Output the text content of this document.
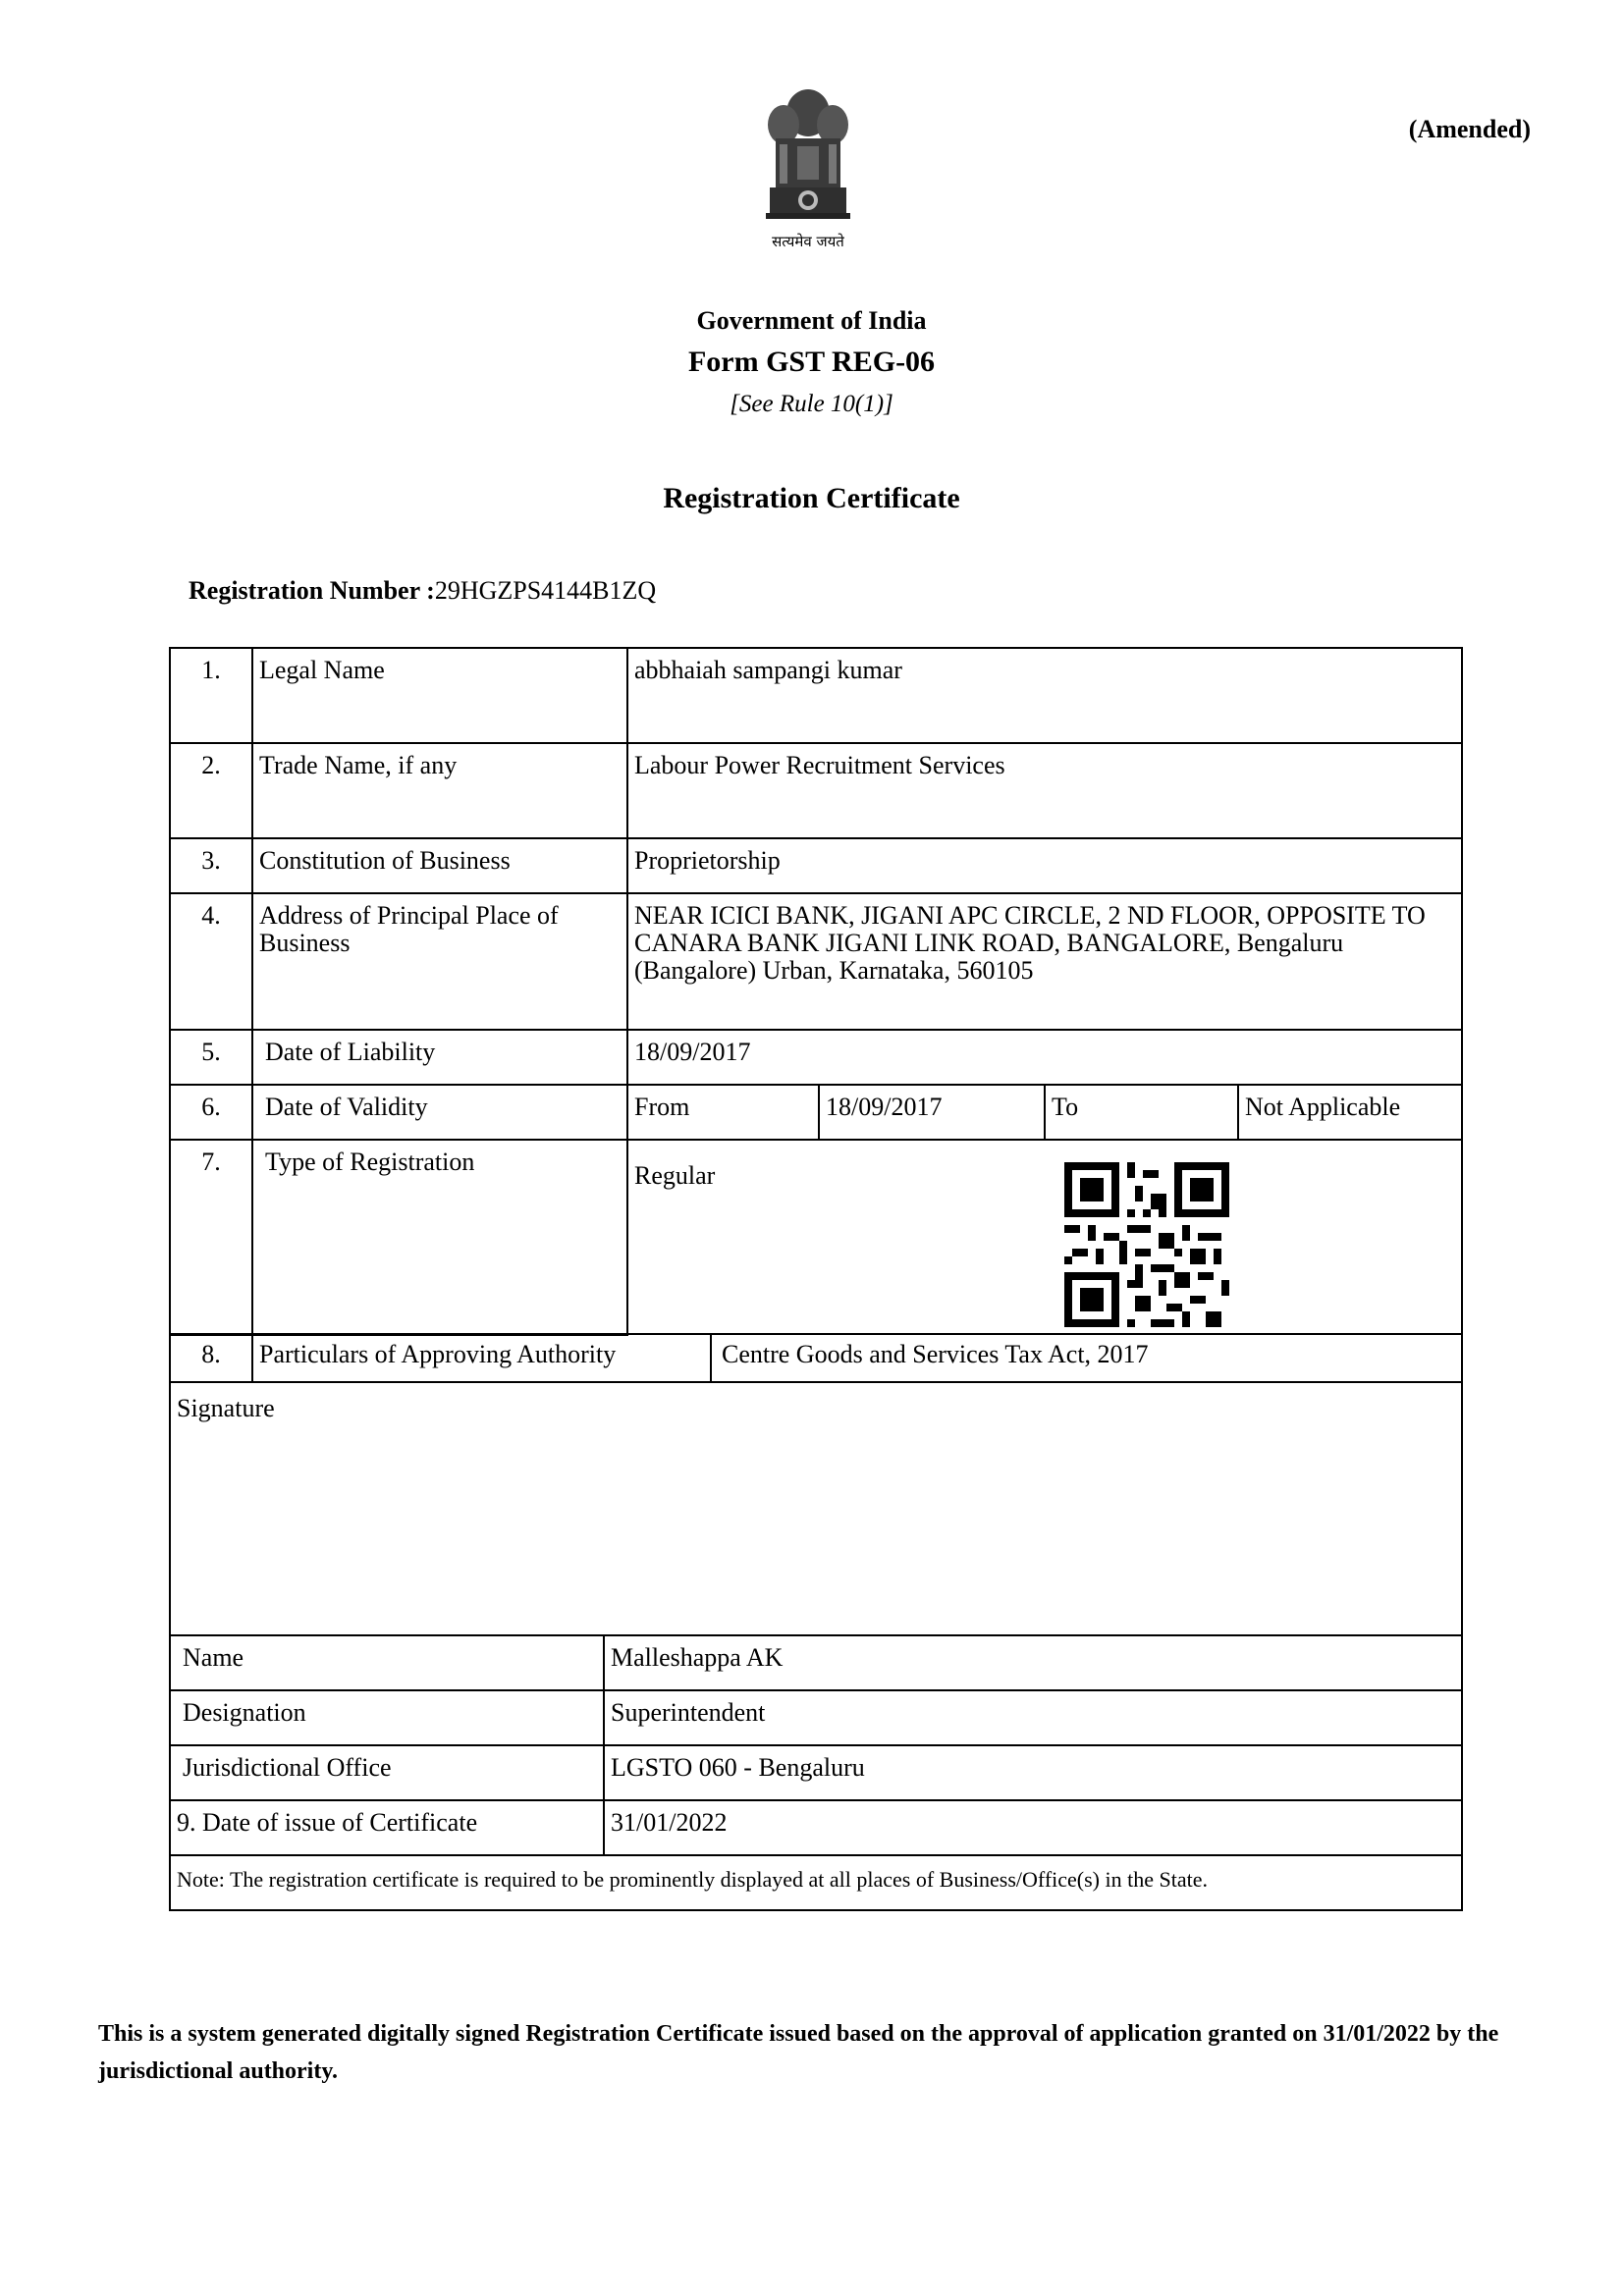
(Amended)
सत्यमेव जयते
Government of India
Form GST REG-06
[See Rule 10(1)]
Registration Certificate
Registration Number :29HGZPS4144B1ZQ
1.	Legal Name	abbhaiah sampangi kumar			
2.	Trade Name, if any	Labour Power Recruitment Services			
3.	Constitution of Business	Proprietorship			
4.	Address of Principal Place of Business	NEAR ICICI BANK, JIGANI APC CIRCLE, 2 ND FLOOR, OPPOSITE TO CANARA BANK JIGANI LINK ROAD, BANGALORE, Bengaluru (Bangalore) Urban, Karnataka, 560105			
5.	Date of Liability	18/09/2017			
6.	Date of Validity	From	18/09/2017	To	Not Applicable
7.	Type of Registration	Regular			
8.	Particulars of Approving Authority	Centre Goods and Services Tax Act, 2017
Signature	
Name	Malleshappa AK
Designation	Superintendent
Jurisdictional Office	LGSTO 060 - Bengaluru
9. Date of issue of Certificate	31/01/2022
Note: The registration certificate is required to be prominently displayed at all places of Business/Office(s) in the State.	
This is a system generated digitally signed Registration Certificate issued based on the approval of application granted on 31/01/2022 by the jurisdictional authority.
